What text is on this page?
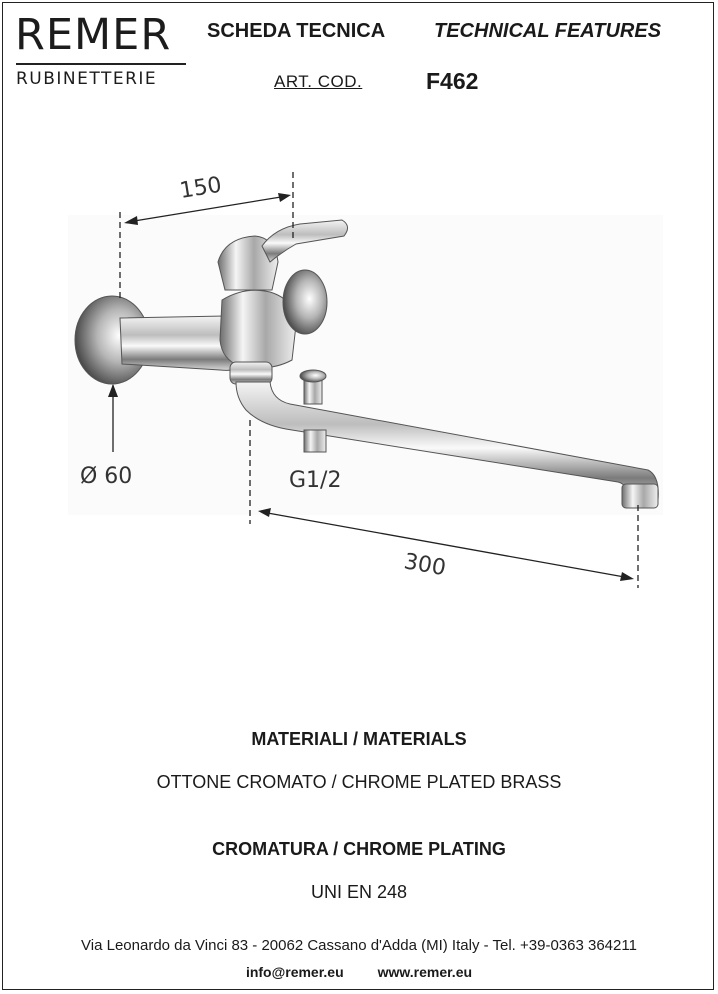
REMER
RUBINETTERIE
SCHEDA TECNICA TECHNICAL FEATURES
ART. COD.	F462
150
Ø 60	G1/2
300
MATERIALI / MATERIALS
OTTONE CROMATO / CHROME PLATED BRASS
CROMATURA / CHROME PLATING
UNI EN 248
Via Leonardo da Vinci 83 - 20062 Cassano d'Adda (MI) Italy - Tel. +39-0363 364211
info@remer.eu www.remer.eu
